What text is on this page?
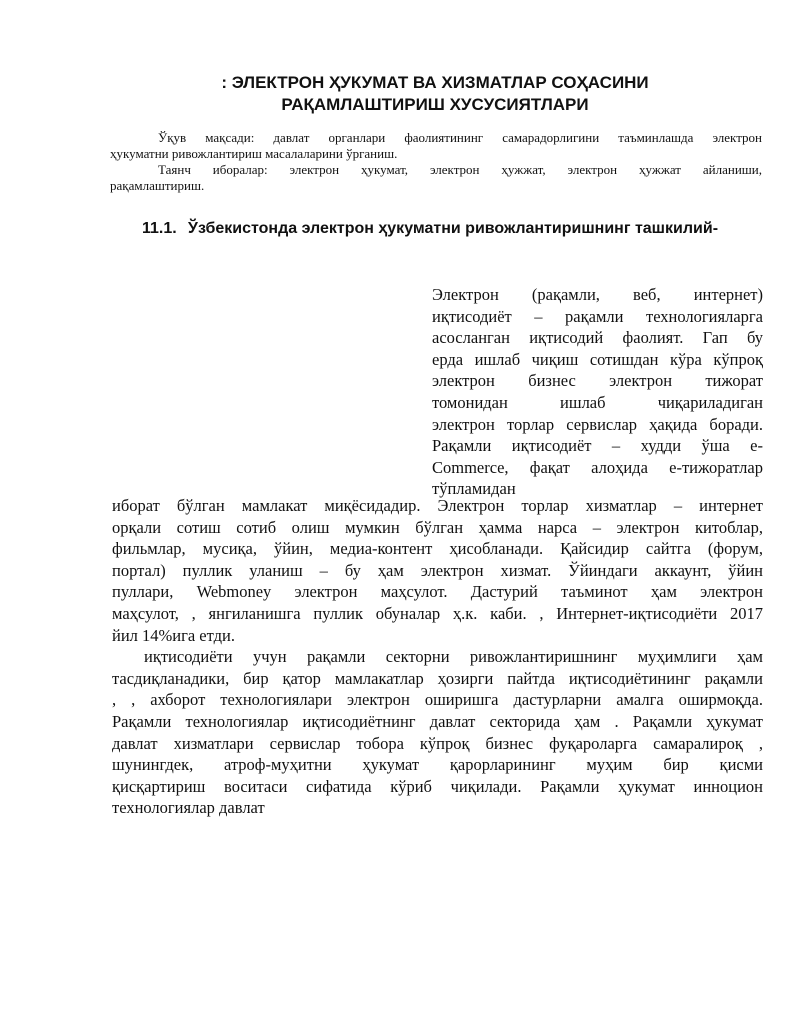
: ЭЛЕКТРОН ҲУКУМАТ ВА ХИЗМАТЛАР СОҲАСИНИ
РАҚАМЛАШТИРИШ ХУСУСИЯТЛАРИ

Ўқув мақсади: давлат органлари фаолиятининг самарадорлигини таъминлашда электрон

ҳукуматни ривожлантириш масалаларини ўрганиш.

Таянч иборалар: электрон ҳукумат, электрон ҳужжат, электрон ҳужжат айланиши,

рақамлаштириш.

11.1. Ўзбекистонда электрон ҳукуматни ривожлантиришнинг ташкилий-
Электрон (рақамли, веб, интернет)
иқтисодиёт – рақамли технологияларга
асосланган иқтисодий фаолият. Гап бу
ерда ишлаб чиқиш сотишдан кўра кўпроқ
электрон бизнес электрон тижорат
томонидан ишлаб чиқариладиган
электрон торлар сервислар ҳақида боради.
Рақамли иқтисодиёт – худди ўша е-
Commerce, фақат алоҳида е-тижоратлар
тўпламидан
иборат бўлган мамлакат миқёсидадир. Электрон торлар хизматлар – интернет
орқали сотиш сотиб олиш мумкин бўлган ҳамма нарса – электрон китоблар,
фильмлар, мусиқа, ўйин, медиа-контент ҳисобланади. Қайсидир сайтга (форум,
портал) пуллик уланиш – бу ҳам электрон хизмат. Ўйиндаги аккаунт, ўйин
пуллари, Webmoney электрон маҳсулот. Дастурий таъминот ҳам электрон
маҳсулот, , янгиланишга пуллик обуналар ҳ.к. каби. , Интернет-иқтисодиёти 2017
йил 14%ига етди.
иқтисодиёти учун рақамли секторни ривожлантиришнинг муҳимлиги ҳам
тасдиқланадики, бир қатор мамлакатлар ҳозирги пайтда иқтисодиётининг рақамли
, , ахборот технологиялари электрон оширишга дастурларни амалга оширмоқда.
Рақамли технологиялар иқтисодиётнинг давлат секторида ҳам . Рақамли ҳукумат
давлат хизматлари сервислар тобора кўпроқ бизнес фуқароларга самаралироқ ,
шунингдек, атроф-муҳитни ҳукумат қарорларининг муҳим бир қисми
қисқартириш воситаси сифатида кўриб чиқилади. Рақамли ҳукумат инноцион
технологиялар давлат
